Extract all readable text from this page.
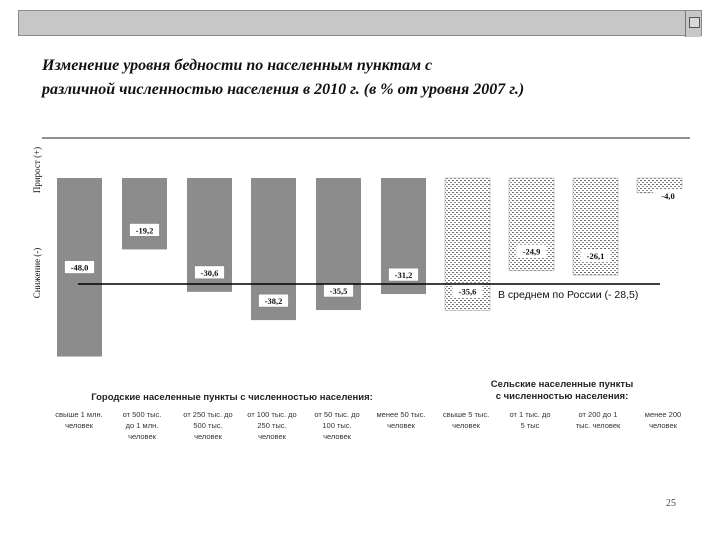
Изменение уровня бедности по населенным пунктам с
различной численностью населения в 2010 г. (в % от уровня 2007 г.)
Прирост (+)
Снижение (-)	-48,0
-19,2
-30,6
-38,2
-35,5
-31,2
-35,6
-24,9	-26,1
-4,0
В среднем по России (- 28,5)
Городские населенные пункты с численностью населения:
Сельские населенные пункты
с численностью населения:
свыше 1 млн.
человек
от 500 тыс.
до 1 млн.
человек
от 250 тыс. до
500 тыс.
человек
от 100 тыс. до
250 тыс.
человек
от 50 тыс. до
100 тыс.
человек
менее 50 тыс.
человек
свыше 5 тыс.
человек
от 1 тыс. до
5 тыс
от 200 до 1
тыс. человек
менее 200
человек
25
